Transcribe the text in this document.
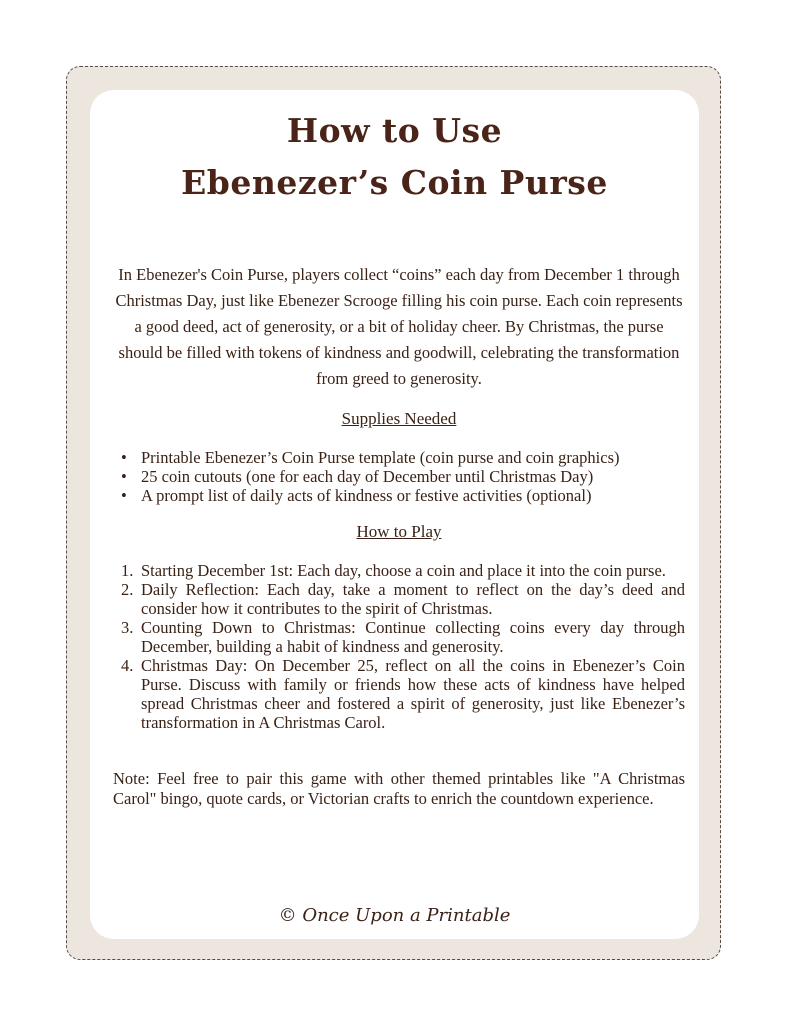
How to Use
Ebenezer’s Coin Purse

In Ebenezer's Coin Purse, players collect “coins” each day from December 1 through Christmas Day, just like Ebenezer Scrooge filling his coin purse. Each coin represents a good deed, act of generosity, or a bit of holiday cheer. By Christmas, the purse should be filled with tokens of kindness and goodwill, celebrating the transformation from greed to generosity.

Supplies Needed
• Printable Ebenezer’s Coin Purse template (coin purse and coin graphics)
• 25 coin cutouts (one for each day of December until Christmas Day)
• A prompt list of daily acts of kindness or festive activities (optional)
How to Play
1. Starting December 1st: Each day, choose a coin and place it into the coin purse.
2. Daily Reflection: Each day, take a moment to reflect on the day’s deed and consider how it contributes to the spirit of Christmas.
3. Counting Down to Christmas: Continue collecting coins every day through December, building a habit of kindness and generosity.
4. Christmas Day: On December 25, reflect on all the coins in Ebenezer’s Coin Purse. Discuss with family or friends how these acts of kindness have helped spread Christmas cheer and fostered a spirit of generosity, just like Ebenezer’s transformation in A Christmas Carol.

Note: Feel free to pair this game with other themed printables like "A Christmas Carol" bingo, quote cards, or Victorian crafts to enrich the countdown experience.

© Once Upon a Printable
